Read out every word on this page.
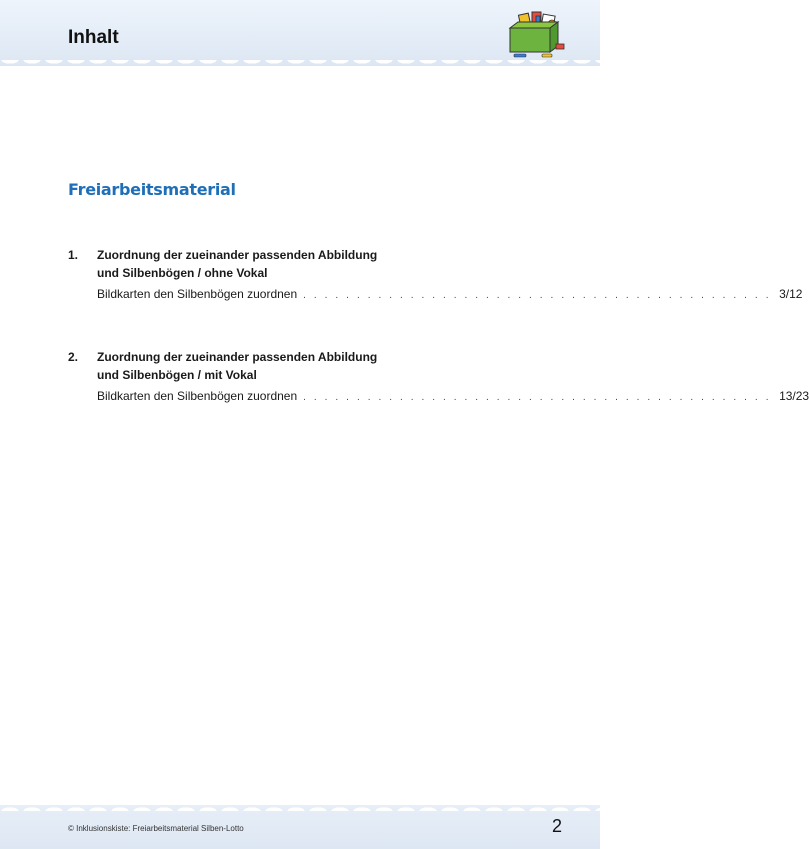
Inhalt
Freiarbeitsmaterial
1.	Zuordnung der zueinander passenden Abbildung
und Silbenbögen / ohne Vokal
Bildkarten den Silbenbögen zuordnen . . . . . . . . . . . . . . . . . . . . . . . . . . . . . . . . . . . . . . . . . . . . 3/12
2.	Zuordnung der zueinander passenden Abbildung
und Silbenbögen / mit Vokal
Bildkarten den Silbenbögen zuordnen . . . . . . . . . . . . . . . . . . . . . . . . . . . . . . . . . . . . . . . . . . . . 13/23
© Inklusionskiste: Freiarbeitsmaterial Silben-Lotto	2
